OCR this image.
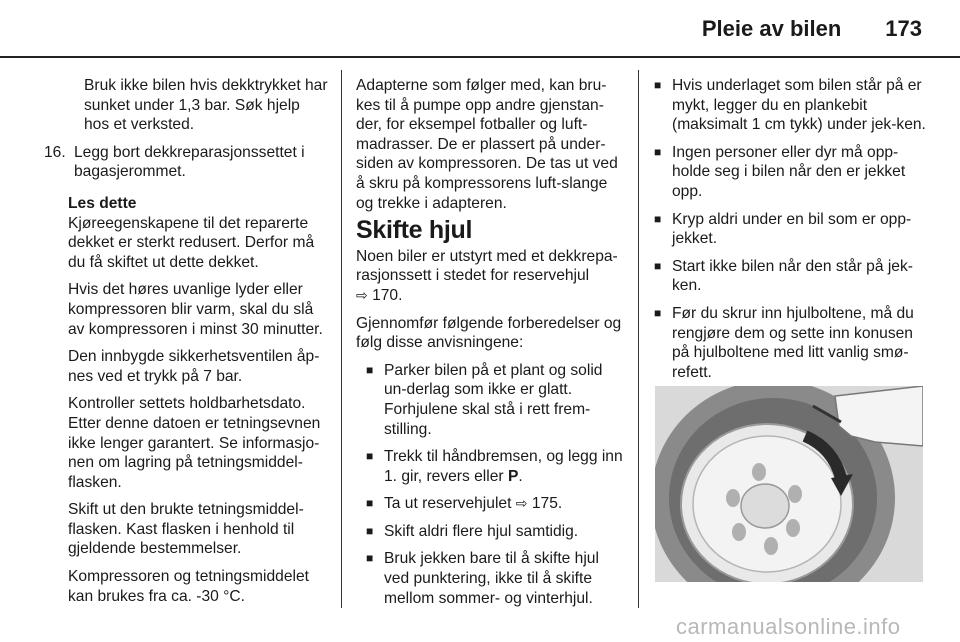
Pleie av bilen 173

Bruk ikke bilen hvis dekktrykket har sunket under 1,3 bar. Søk hjelp hos et verksted.

16. Legg bort dekkreparasjonssettet i bagasjerommet.
Les dette

Kjøreegenskapene til det reparerte dekket er sterkt redusert. Derfor må du få skiftet ut dette dekket.

Hvis det høres uvanlige lyder eller kompressoren blir varm, skal du slå av kompressoren i minst 30 minutter.

Den innbygde sikkerhetsventilen åp-nes ved et trykk på 7 bar.

Kontroller settets holdbarhetsdato. Etter denne datoen er tetningsevnen ikke lenger garantert. Se informasjo-nen om lagring på tetningsmiddel-flasken.

Skift ut den brukte tetningsmiddel-flasken. Kast flasken i henhold til gjeldende bestemmelser.

Kompressoren og tetningsmiddelet kan brukes fra ca. -30 °C.

Adapterne som følger med, kan bru-kes til å pumpe opp andre gjenstan-der, for eksempel fotballer og luft-madrasser. De er plassert på under-siden av kompressoren. De tas ut ved å skru på kompressorens luft-slange og trekke i adapteren.

Skifte hjul

Noen biler er utstyrt med et dekkrepa-rasjonssett i stedet for reservehjul
⇨ 170.

Gjennomfør følgende forberedelser og følg disse anvisningene:

■ Parker bilen på et plant og solid un-derlag som ikke er glatt. Forhjulene skal stå i rett frem-stilling.
■ Trekk til håndbremsen, og legg inn 1. gir, revers eller P.
■ Ta ut reservehjulet ⇨ 175.
■ Skift aldri flere hjul samtidig.
■ Bruk jekken bare til å skifte hjul ved punktering, ikke til å skifte mellom sommer- og vinterhjul.
■ Hvis underlaget som bilen står på er mykt, legger du en plankebit (maksimalt 1 cm tykk) under jek-ken.
■ Ingen personer eller dyr må opp-holde seg i bilen når den er jekket opp.
■ Kryp aldri under en bil som er opp-jekket.
■ Start ikke bilen når den står på jek-ken.
■ Før du skrur inn hjulboltene, må du rengjøre dem og sette inn konusen på hjulboltene med litt vanlig smø-refett.
carmanualsonline.info
